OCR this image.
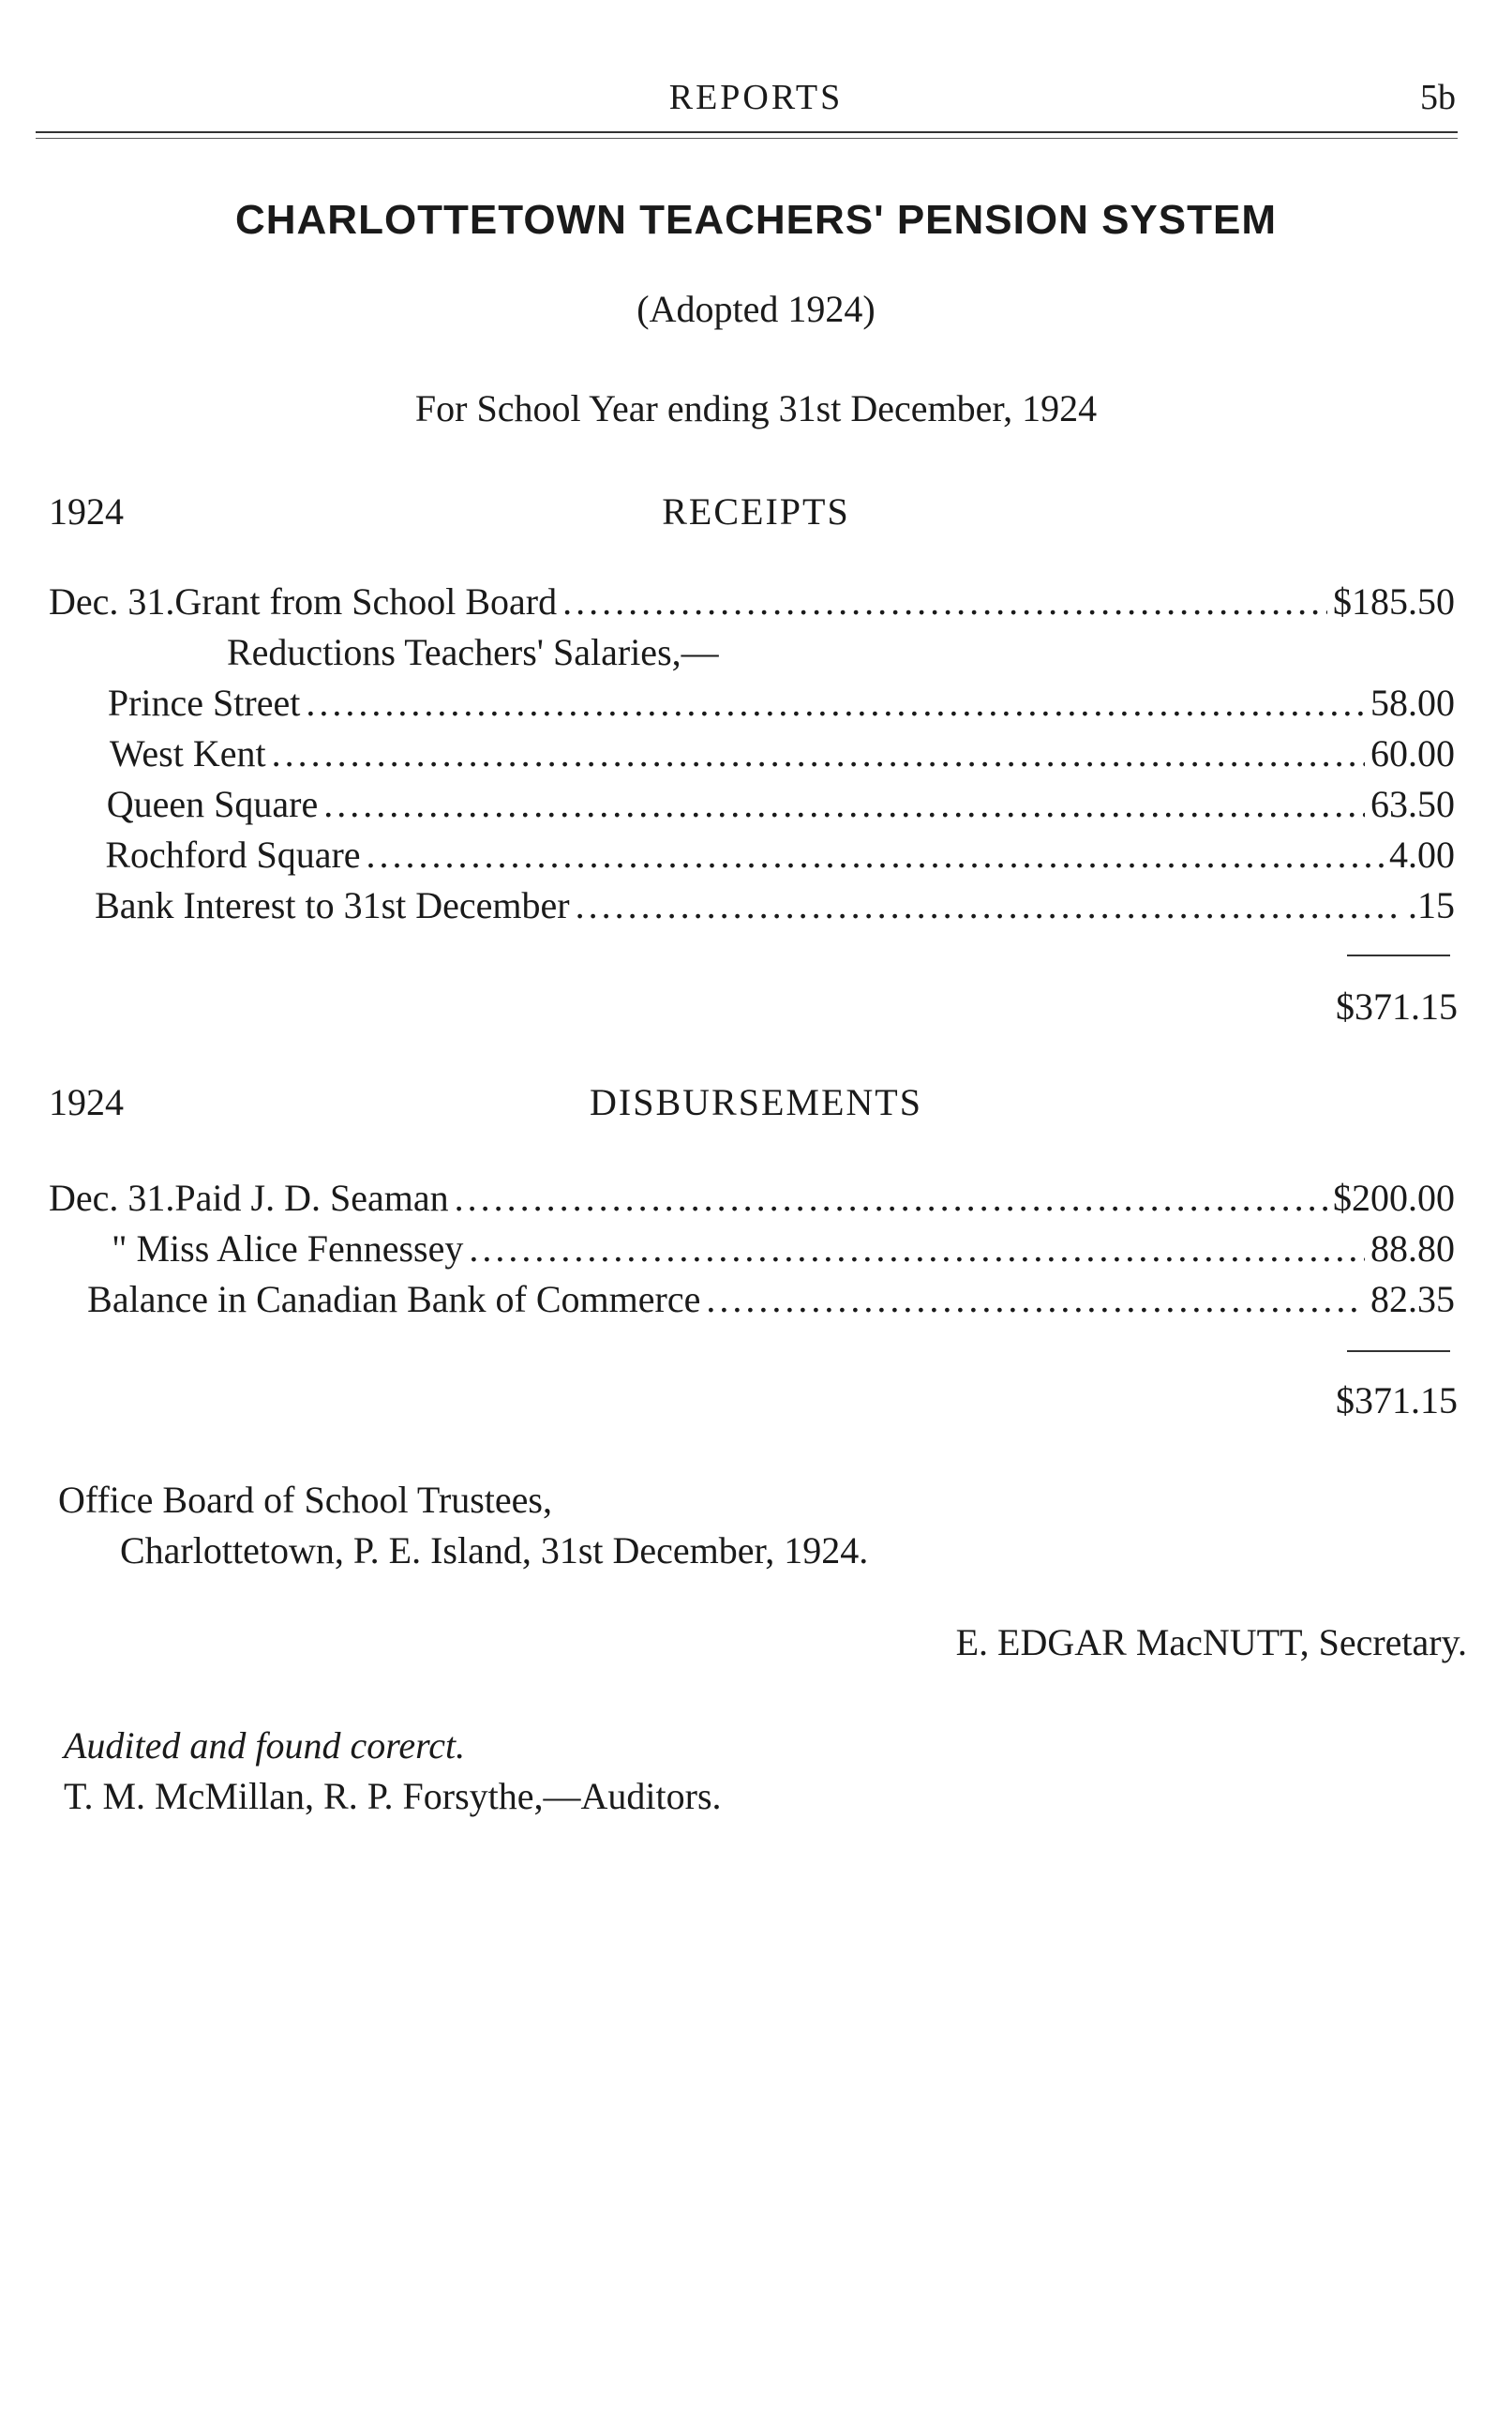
REPORTS	5b
CHARLOTTETOWN TEACHERS' PENSION SYSTEM
(Adopted 1924)
For School Year ending 31st December, 1924
1924	RECEIPTS
Dec. 31. Grant from School Board .....	$185.50
Reductions Teachers' Salaries,—
Prince Street .....	58.00
West Kent .....	60.00
Queen Square .....	63.50
Rochford Square .....	4.00
Bank Interest to 31st December .....	.15
$371.15
1924	DISBURSEMENTS
Dec. 31. Paid J. D. Seaman .....	$200.00
" Miss Alice Fennessey .....	88.80
Balance in Canadian Bank of Commerce .....	82.35
$371.15
Office Board of School Trustees,
Charlottetown, P. E. Island, 31st December, 1924.
E. EDGAR MacNUTT, Secretary.
Audited and found corerct.
T. M. McMillan, R. P. Forsythe,—Auditors.
